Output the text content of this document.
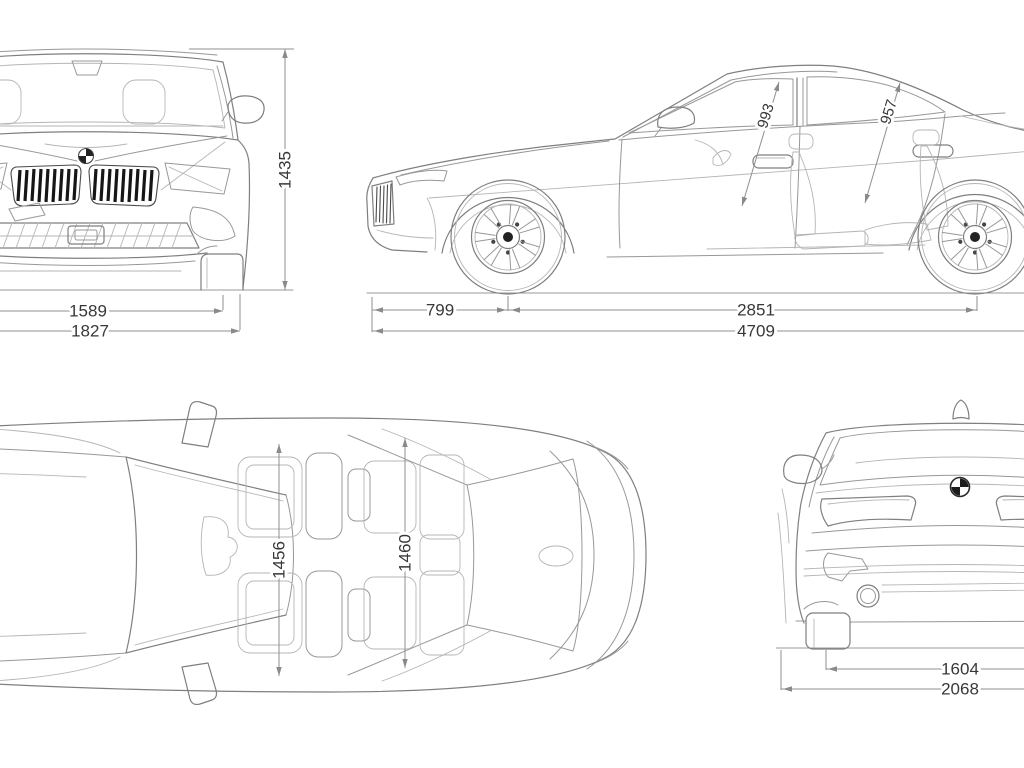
1435
1589
1827
799	2851
4709
993	957
1456	1460
1604
2068
